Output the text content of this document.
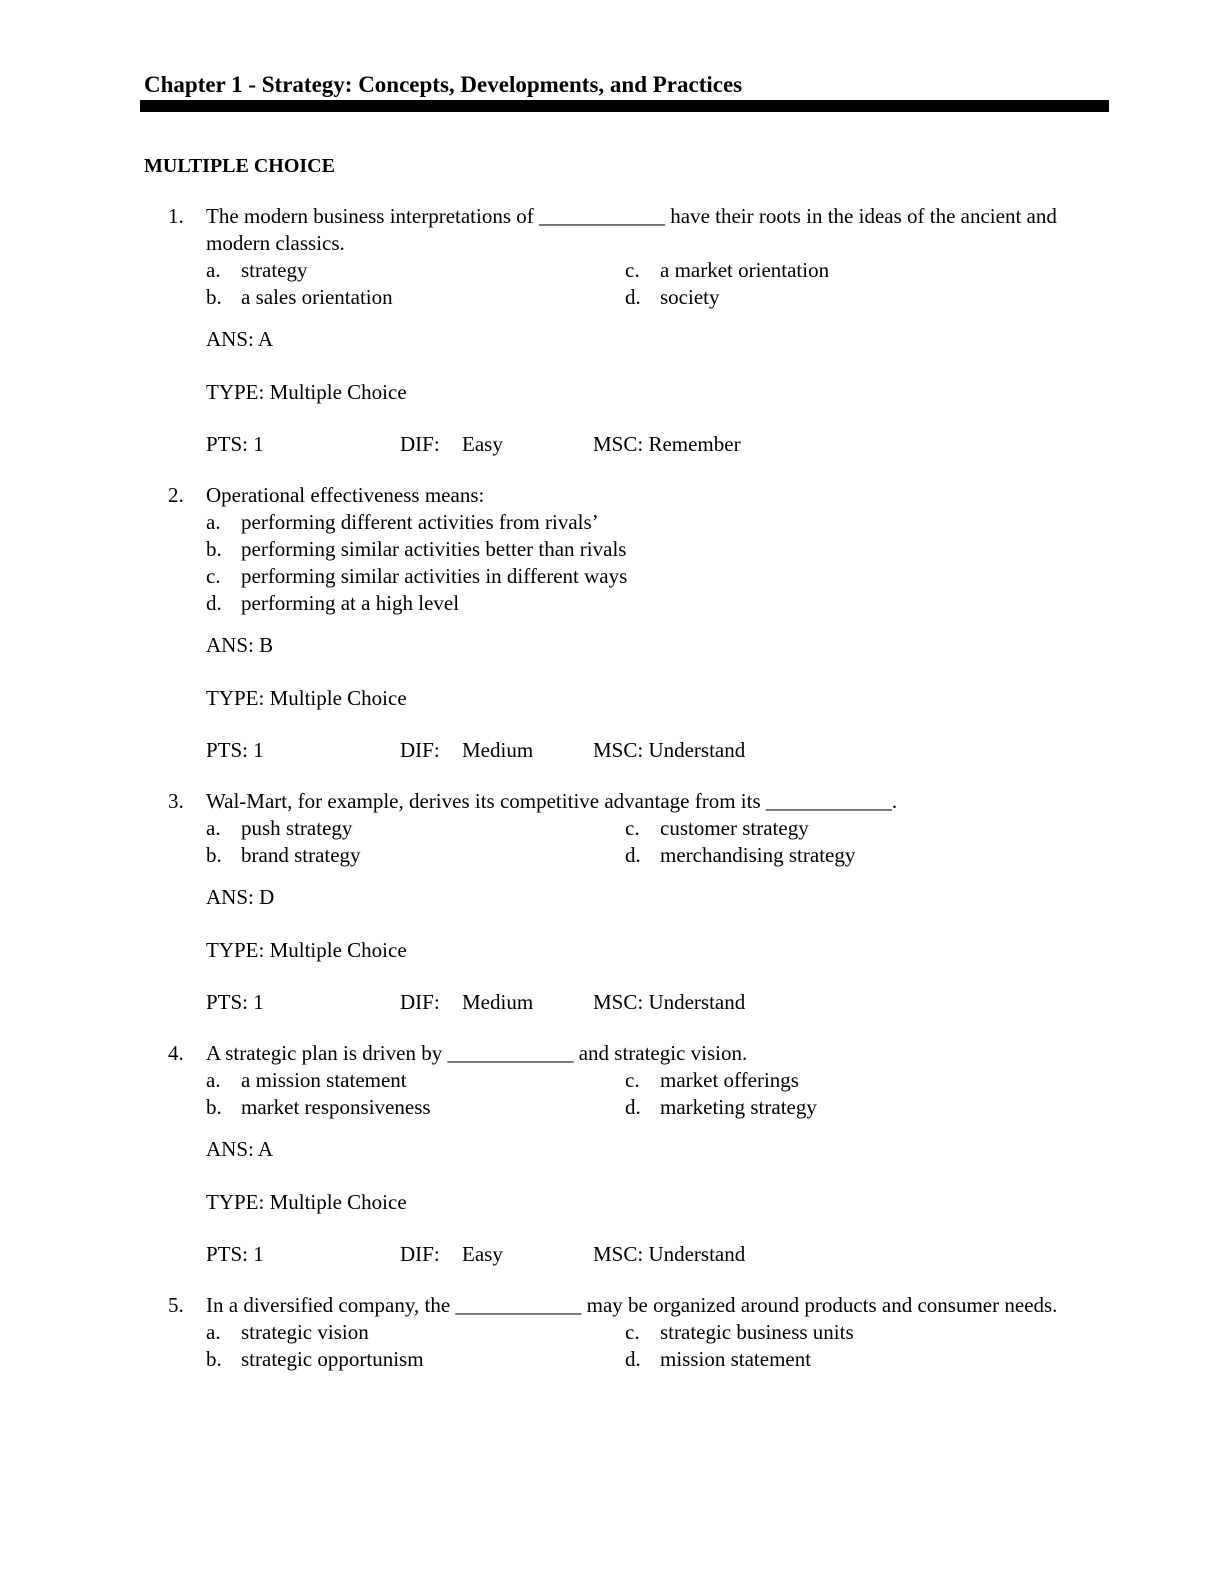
Chapter 1 - Strategy: Concepts, Developments, and Practices
MULTIPLE CHOICE
1.	The modern business interpretations of ____________ have their roots in the ideas of the ancient and modern classics.
a. strategy	c. a market orientation
b. a sales orientation	d. society
ANS: A
TYPE: Multiple Choice
PTS: 1	DIF: Easy	MSC: Remember
2.	Operational effectiveness means:
a. performing different activities from rivals’
b. performing similar activities better than rivals
c. performing similar activities in different ways
d. performing at a high level
ANS: B
TYPE: Multiple Choice
PTS: 1	DIF: Medium	MSC: Understand
3.	Wal-Mart, for example, derives its competitive advantage from its ____________.
a. push strategy	c. customer strategy
b. brand strategy	d. merchandising strategy
ANS: D
TYPE: Multiple Choice
PTS: 1	DIF: Medium	MSC: Understand
4.	A strategic plan is driven by ____________ and strategic vision.
a. a mission statement	c. market offerings
b. market responsiveness	d. marketing strategy
ANS: A
TYPE: Multiple Choice
PTS: 1	DIF: Easy	MSC: Understand
5.	In a diversified company, the ____________ may be organized around products and consumer needs.
a. strategic vision	c. strategic business units
b. strategic opportunism	d. mission statement
